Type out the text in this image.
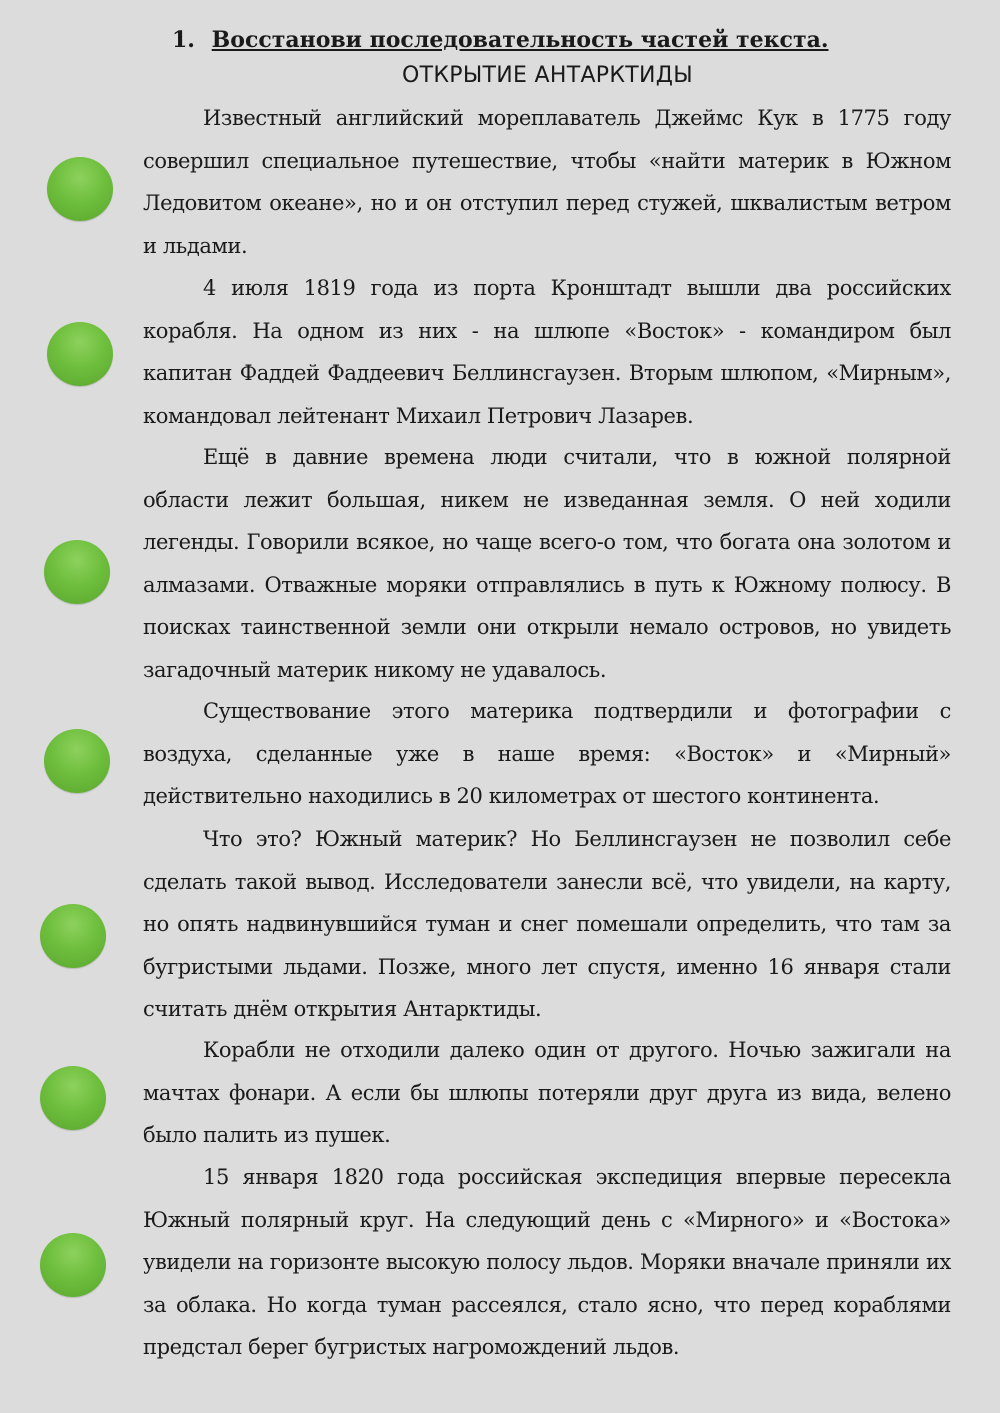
1. Восстанови последовательность частей текста.
ОТКРЫТИЕ АНТАРКТИДЫ

Известный английский мореплаватель Джеймс Кук в 1775 году совершил специальное путешествие, чтобы «найти материк в Южном Ледовитом океане», но и он отступил перед стужей, шквалистым ветром и льдами.

4 июля 1819 года из порта Кронштадт вышли два российских корабля. На одном из них - на шлюпе «Восток» - командиром был капитан Фаддей Фаддеевич Беллинсгаузен. Вторым шлюпом, «Мирным», командовал лейтенант Михаил Петрович Лазарев.

Ещё в давние времена люди считали, что в южной полярной области лежит большая, никем не изведанная земля. О ней ходили легенды. Говорили всякое, но чаще всего-о том, что богата она золотом и алмазами. Отважные моряки отправлялись в путь к Южному полюсу. В поисках таинственной земли они открыли немало островов, но увидеть загадочный материк никому не удавалось.

Существование этого материка подтвердили и фотографии с воздуха, сделанные уже в наше время: «Восток» и «Мирный» действительно находились в 20 километрах от шестого континента.

Что это? Южный материк? Но Беллинсгаузен не позволил себе сделать такой вывод. Исследователи занесли всё, что увидели, на карту, но опять надвинувшийся туман и снег помешали определить, что там за бугристыми льдами. Позже, много лет спустя, именно 16 января стали считать днём открытия Антарктиды.

Корабли не отходили далеко один от другого. Ночью зажигали на мачтах фонари. А если бы шлюпы потеряли друг друга из вида, велено было палить из пушек.

15 января 1820 года российская экспедиция впервые пересекла Южный полярный круг. На следующий день с «Мирного» и «Востока» увидели на горизонте высокую полосу льдов. Моряки вначале приняли их за облака. Но когда туман рассеялся, стало ясно, что перед кораблями предстал берег бугристых нагромождений льдов.
